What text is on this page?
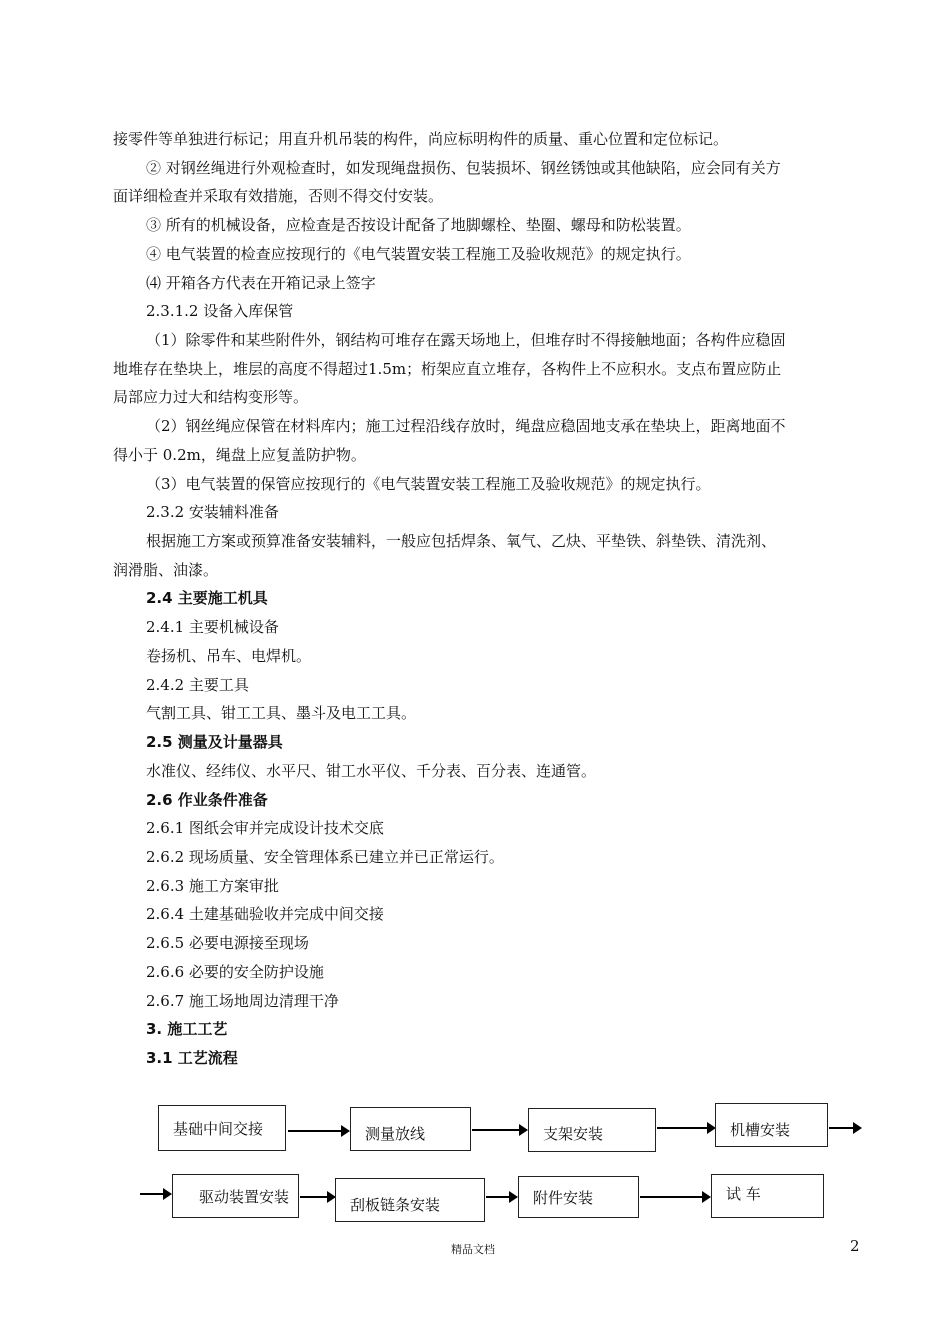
接零件等单独进行标记；用直升机吊装的构件，尚应标明构件的质量、重心位置和定位标记。
② 对钢丝绳进行外观检查时，如发现绳盘损伤、包装损坏、钢丝锈蚀或其他缺陷，应会同有关方
面详细检查并采取有效措施，否则不得交付安装。
③ 所有的机械设备，应检查是否按设计配备了地脚螺栓、垫圈、螺母和防松装置。
④ 电气装置的检查应按现行的《电气装置安装工程施工及验收规范》的规定执行。
⑷ 开箱各方代表在开箱记录上签字
2.3.1.2 设备入库保管
（1）除零件和某些附件外，钢结构可堆存在露天场地上，但堆存时不得接触地面；各构件应稳固
地堆存在垫块上，堆层的高度不得超过1.5m；桁架应直立堆存，各构件上不应积水。支点布置应防止
局部应力过大和结构变形等。
（2）钢丝绳应保管在材料库内；施工过程沿线存放时，绳盘应稳固地支承在垫块上，距离地面不
得小于 0.2m，绳盘上应复盖防护物。
（3）电气装置的保管应按现行的《电气装置安装工程施工及验收规范》的规定执行。
2.3.2 安装辅料准备
根据施工方案或预算准备安装辅料，一般应包括焊条、氧气、乙炔、平垫铁、斜垫铁、清洗剂、
润滑脂、油漆。
2.4 主要施工机具
2.4.1 主要机械设备
卷扬机、吊车、电焊机。
2.4.2 主要工具
气割工具、钳工工具、墨斗及电工工具。
2.5 测量及计量器具
水准仪、经纬仪、水平尺、钳工水平仪、千分表、百分表、连通管。
2.6 作业条件准备
2.6.1 图纸会审并完成设计技术交底
2.6.2 现场质量、安全管理体系已建立并已正常运行。
2.6.3 施工方案审批
2.6.4 土建基础验收并完成中间交接
2.6.5 必要电源接至现场
2.6.6 必要的安全防护设施
2.6.7 施工场地周边清理干净
3. 施工工艺
3.1 工艺流程
基础中间交接	测量放线	支架安装	机槽安装
驱动装置安装	刮板链条安装	附件安装	试 车
精品文档	2
